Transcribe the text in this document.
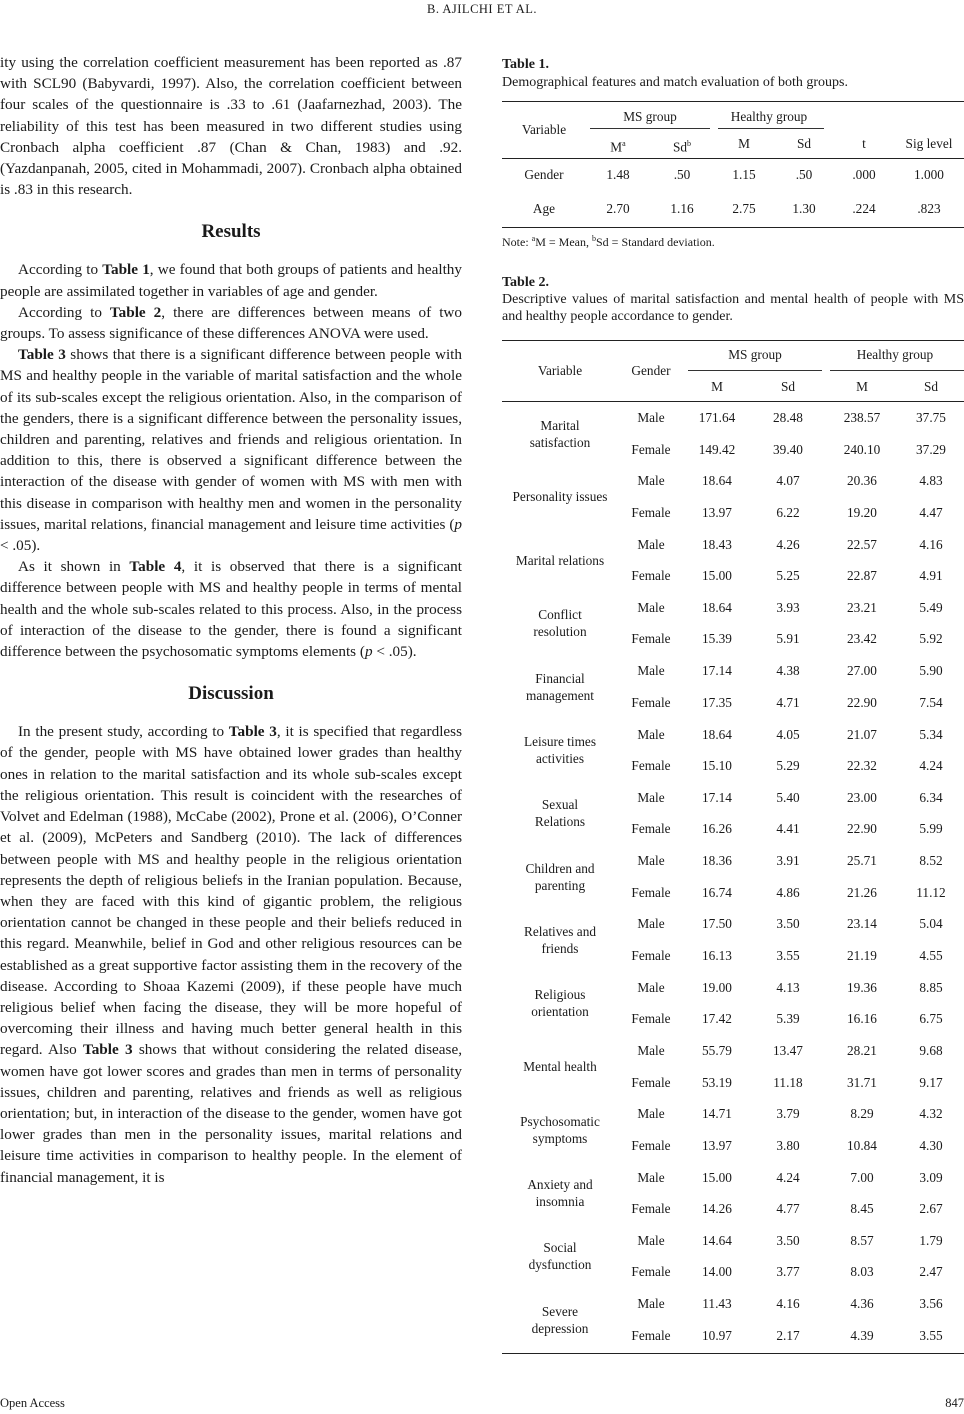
B. AJILCHI ET AL.

ity using the correlation coefficient measurement has been reported as .87 with SCL90 (Babyvardi, 1997). Also, the correlation coefficient between four scales of the questionnaire is .33 to .61 (Jaafarnezhad, 2003). The reliability of this test has been measured in two different studies using Cronbach alpha coefficient .87 (Chan & Chan, 1983) and .92. (Yazdanpanah, 2005, cited in Mohammadi, 2007). Cronbach alpha obtained is .83 in this research.

Results

According to Table 1, we found that both groups of patients and healthy people are assimilated together in variables of age and gender.

According to Table 2, there are differences between means of two groups. To assess significance of these differences ANOVA were used.

Table 3 shows that there is a significant difference between people with MS and healthy people in the variable of marital satisfaction and the whole of its sub-scales except the religious orientation. Also, in the comparison of the genders, there is a significant difference between the personality issues, children and parenting, relatives and friends and religious orientation. In addition to this, there is observed a significant difference between the interaction of the disease with gender of women with MS with men with this disease in comparison with healthy men and women in the personality issues, marital relations, financial management and leisure time activities (p < .05).

As it shown in Table 4, it is observed that there is a significant difference between people with MS and healthy people in terms of mental health and the whole sub-scales related to this process. Also, in the process of interaction of the disease to the gender, there is found a significant difference between the psychosomatic symptoms elements (p < .05).

Discussion

In the present study, according to Table 3, it is specified that regardless of the gender, people with MS have obtained lower grades than healthy ones in relation to the marital satisfaction and its whole sub-scales except the religious orientation. This result is coincident with the researches of Volvet and Edelman (1988), McCabe (2002), Prone et al. (2006), O’Conner et al. (2009), McPeters and Sandberg (2010). The lack of differences between people with MS and healthy people in the religious orientation represents the depth of religious beliefs in the Iranian population. Because, when they are faced with this kind of gigantic problem, the religious orientation cannot be changed in these people and their beliefs reduced in this regard. Meanwhile, belief in God and other religious resources can be established as a great supportive factor assisting them in the recovery of the disease. According to Shoaa Kazemi (2009), if these people have much religious belief when facing the disease, they will be more hopeful of overcoming their illness and having much better general health in this regard. Also Table 3 shows that without considering the related disease, women have got lower scores and grades than men in terms of personality issues, children and parenting, relatives and friends as well as religious orientation; but, in interaction of the disease to the gender, women have got lower grades than men in the personality issues, marital relations and leisure time activities in comparison to healthy people. In the element of financial management, it is

Table 1.

Demographical features and match evaluation of both groups.

MS group	Healthy group
Variable
$M^a$	Sd$^b$	M	Sd	t	Sig level
Gender	1.48	.50	1.15	.50	.000	1.000
Age	2.70	1.16	2.75	1.30	.224	.823
Note: $^a$M = Mean, $^b$Sd = Standard deviation.

Table 2.

Descriptive values of marital satisfaction and mental health of people with MS and healthy people accordance to gender.

Variable	Gender
MS group	Healthy group
M	Sd	M	Sd
Marital
satisfaction
Male	171.64	28.48	238.57	37.75
Female	149.42	39.40	240.10	37.29
Personality issues
Male	18.64	4.07	20.36	4.83
Female	13.97	6.22	19.20	4.47
Marital relations
Male	18.43	4.26	22.57	4.16
Female	15.00	5.25	22.87	4.91
Conflict
resolution
Male	18.64	3.93	23.21	5.49
Female	15.39	5.91	23.42	5.92
Financial
management
Male	17.14	4.38	27.00	5.90
Female	17.35	4.71	22.90	7.54
Leisure times
activities
Male	18.64	4.05	21.07	5.34
Female	15.10	5.29	22.32	4.24
Sexual
Relations
Male	17.14	5.40	23.00	6.34
Female	16.26	4.41	22.90	5.99
Children and
parenting
Male	18.36	3.91	25.71	8.52
Female	16.74	4.86	21.26	11.12
Relatives and
friends
Male	17.50	3.50	23.14	5.04
Female	16.13	3.55	21.19	4.55
Religious
orientation
Male	19.00	4.13	19.36	8.85
Female	17.42	5.39	16.16	6.75
Mental health
Male	55.79	13.47	28.21	9.68
Female	53.19	11.18	31.71	9.17
Psychosomatic
symptoms
Male	14.71	3.79	8.29	4.32
Female	13.97	3.80	10.84	4.30
Anxiety and
insomnia
Male	15.00	4.24	7.00	3.09
Female	14.26	4.77	8.45	2.67
Social
dysfunction
Male	14.64	3.50	8.57	1.79
Female	14.00	3.77	8.03	2.47
Severe
depression
Male	11.43	4.16	4.36	3.56
Female	10.97	2.17	4.39	3.55
Open Access	847
